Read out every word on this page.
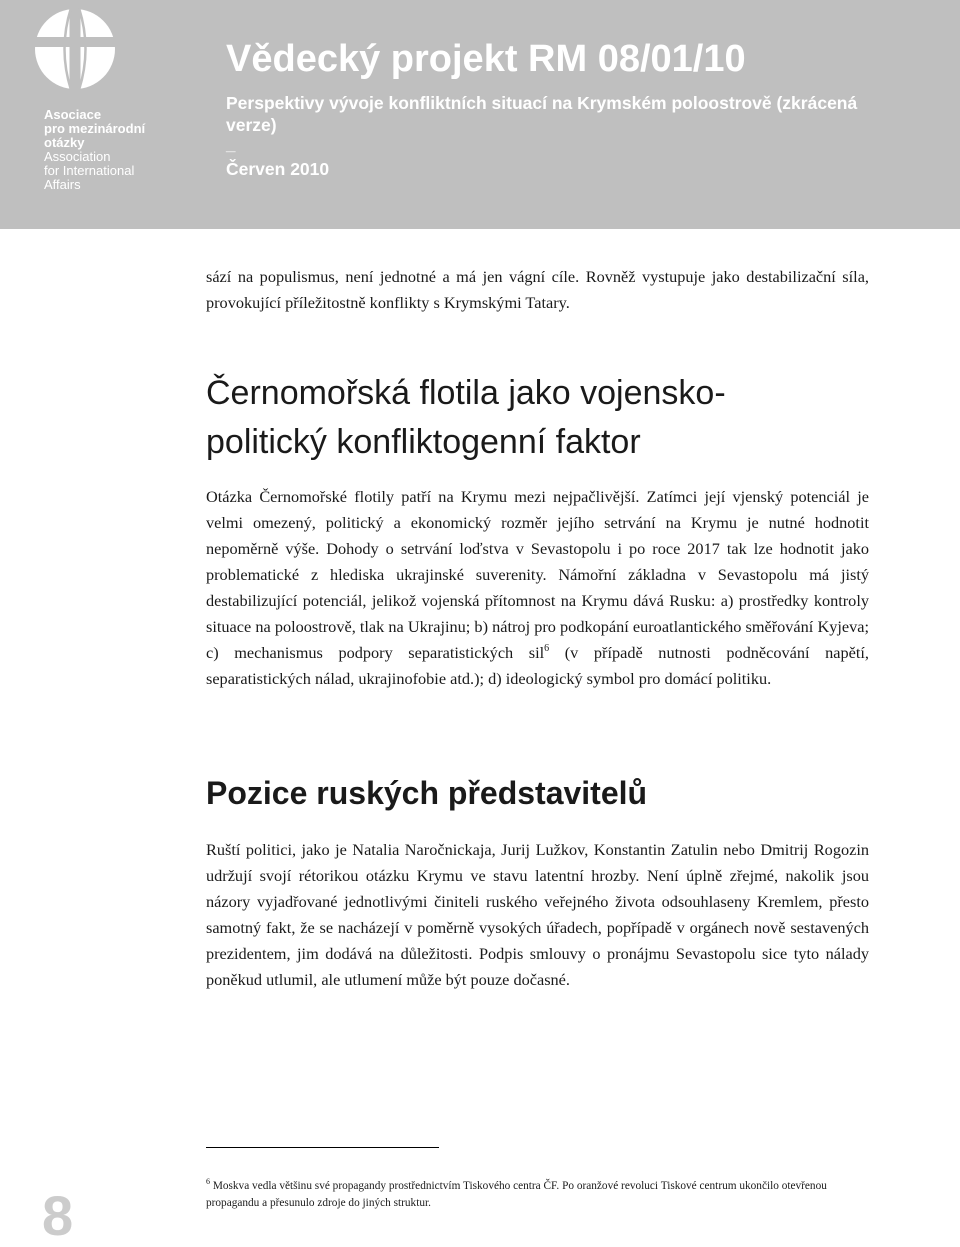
Asociace
pro mezinárodní
otázky
Association
for International
Affairs
Vědecký projekt RM 08/01/10
Perspektivy vývoje konfliktních situací na Krymském poloostrově (zkrácená verze)
_
Červen 2010

sází na populismus, není jednotné a má jen vágní cíle. Rovněž vystupuje jako destabilizační síla, provokující příležitostně konflikty s Krymskými Tatary.

Černomořská flotila jako vojensko-
politický konfliktogenní faktor

Otázka Černomořské flotily patří na Krymu mezi nejpačlivější. Zatímci její vjenský potenciál je velmi omezený, politický a ekonomický rozměr jejího setrvání na Krymu je nutné hodnotit nepoměrně výše. Dohody o setrvání loďstva v Sevastopolu i po roce 2017 tak lze hodnotit jako problematické z hlediska ukrajinské suverenity. Námořní základna v Sevastopolu má jistý destabilizující potenciál, jelikož vojenská přítomnost na Krymu dává Rusku: a) prostředky kontroly situace na poloostrově, tlak na Ukrajinu; b) nátroj pro podkopání euroatlantického směřování Kyjeva; c) mechanismus podpory separatistických sil$^6$ (v případě nutnosti podněcování napětí, separatistických nálad, ukrajinofobie atd.); d) ideologický symbol pro domácí politiku.

Pozice ruských představitelů

Ruští politici, jako je Natalia Naročnickaja, Jurij Lužkov, Konstantin Zatulin nebo Dmitrij Rogozin udržují svojí rétorikou otázku Krymu ve stavu latentní hrozby. Není úplně zřejmé, nakolik jsou názory vyjadřované jednotlivými činiteli ruského veřejného života odsouhlaseny Kremlem, přesto samotný fakt, že se nacházejí v poměrně vysokých úřadech, popřípadě v orgánech nově sestavených prezidentem, jim dodává na důležitosti. Podpis smlouvy o pronájmu Sevastopolu sice tyto nálady poněkud utlumil, ale utlumení může být pouze dočasné.

$^6$ Moskva vedla většinu své propagandy prostřednictvím Tiskového centra ČF. Po oranžové revoluci Tiskové centrum ukončilo otevřenou propagandu a přesunulo zdroje do jiných struktur.

8
